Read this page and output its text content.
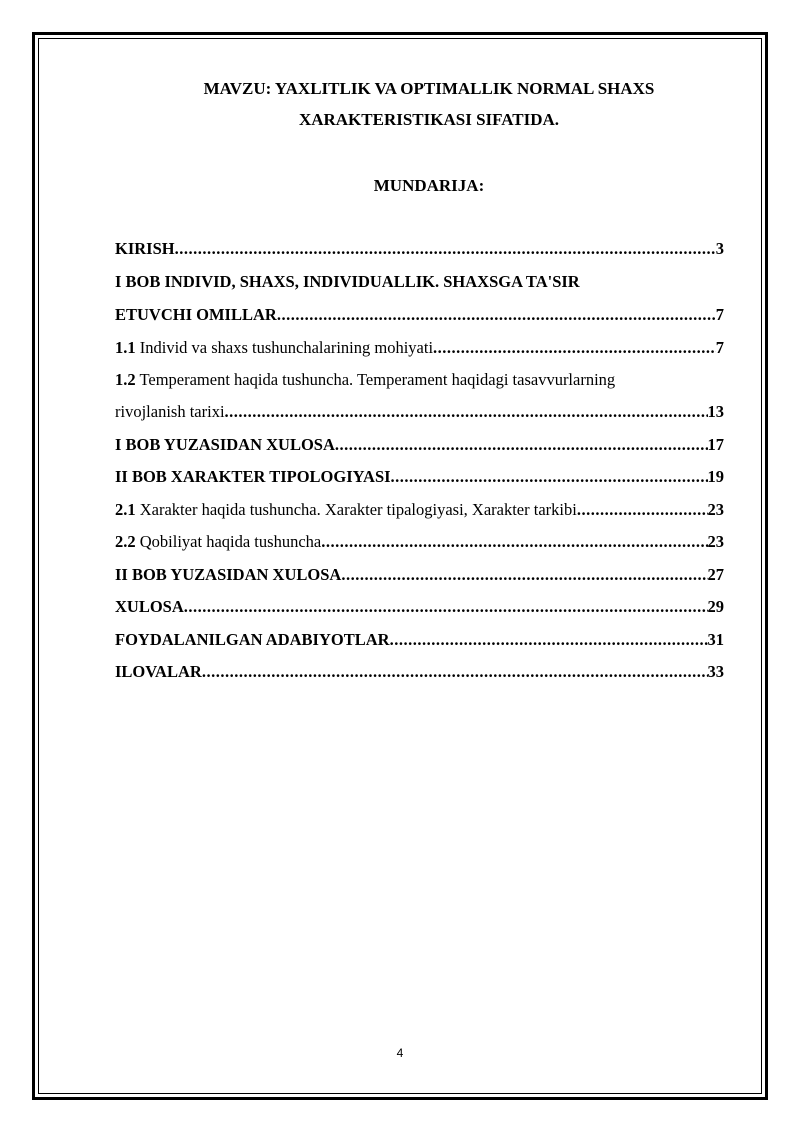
MAVZU: YAXLITLIK VA OPTIMALLIK NORMAL SHAXS
XARAKTERISTIKASI SIFATIDA.
MUNDARIJA:
KIRISH .....	3
I BOB INDIVID, SHAXS, INDIVIDUALLIK. SHAXSGA TA'SIR
ETUVCHI OMILLAR .....	7
1.1 Individ va shaxs tushunchalarining mohiyati .....	7
1.2 Temperament haqida tushuncha. Temperament haqidagi tasavvurlarning
rivojlanish tarixi .....	13
I BOB YUZASIDAN XULOSA .....	17
II BOB XARAKTER TIPOLOGIYASI .....	19
2.1 Xarakter haqida tushuncha. Xarakter tipalogiyasi, Xarakter tarkibi .....	23
2.2 Qobiliyat haqida tushuncha .....	23
II BOB YUZASIDAN XULOSA .....	27
XULOSA .....	29
FOYDALANILGAN ADABIYOTLAR .....	31
ILOVALAR .....	33
4
